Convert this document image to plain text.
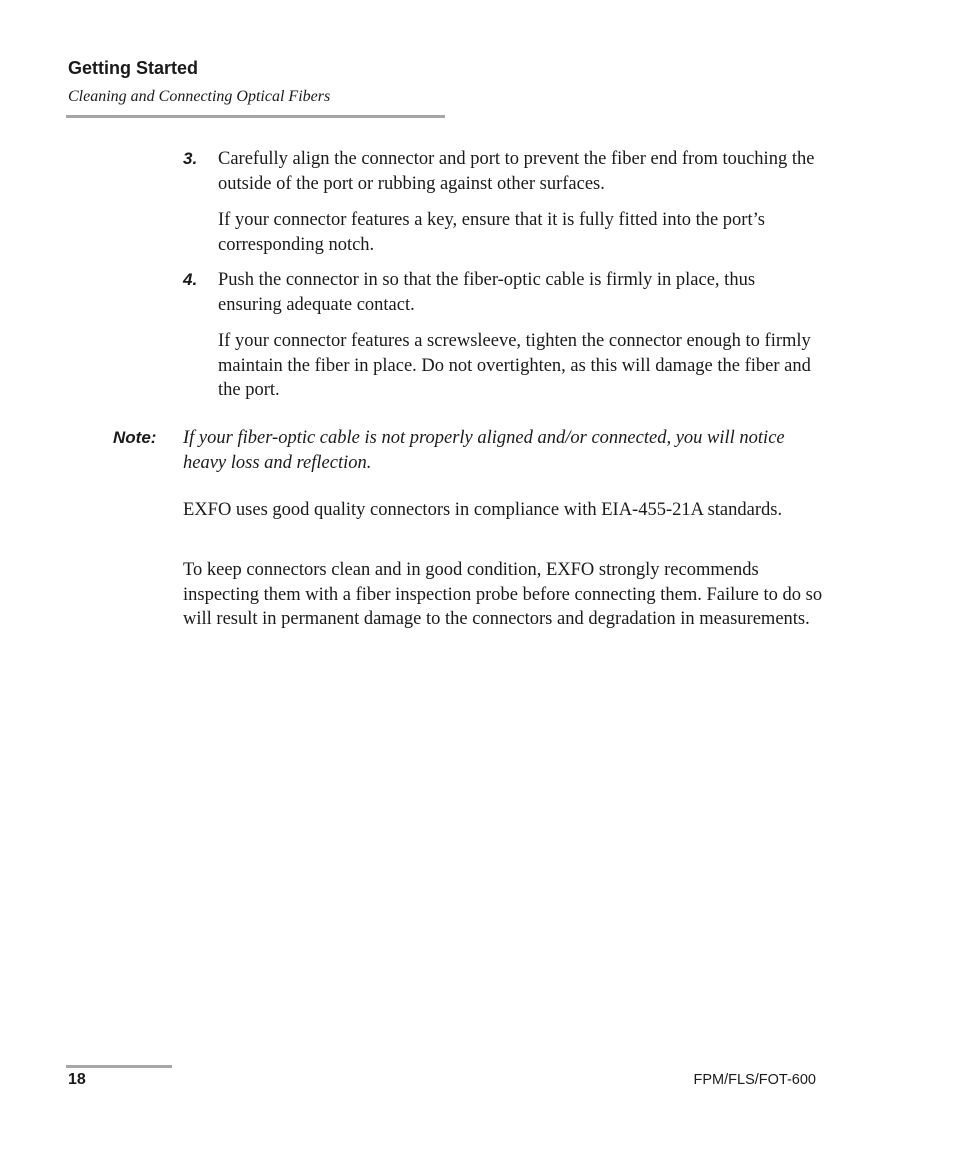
Getting Started

Cleaning and Connecting Optical Fibers

3. Carefully align the connector and port to prevent the fiber end from touching the outside of the port or rubbing against other surfaces.

If your connector features a key, ensure that it is fully fitted into the port’s corresponding notch.

4. Push the connector in so that the fiber-optic cable is firmly in place, thus ensuring adequate contact.

If your connector features a screwsleeve, tighten the connector enough to firmly maintain the fiber in place. Do not overtighten, as this will damage the fiber and the port.

Note: If your fiber-optic cable is not properly aligned and/or connected, you will notice heavy loss and reflection.

EXFO uses good quality connectors in compliance with EIA-455-21A standards.

To keep connectors clean and in good condition, EXFO strongly recommends inspecting them with a fiber inspection probe before connecting them. Failure to do so will result in permanent damage to the connectors and degradation in measurements.

18	FPM/FLS/FOT-600
